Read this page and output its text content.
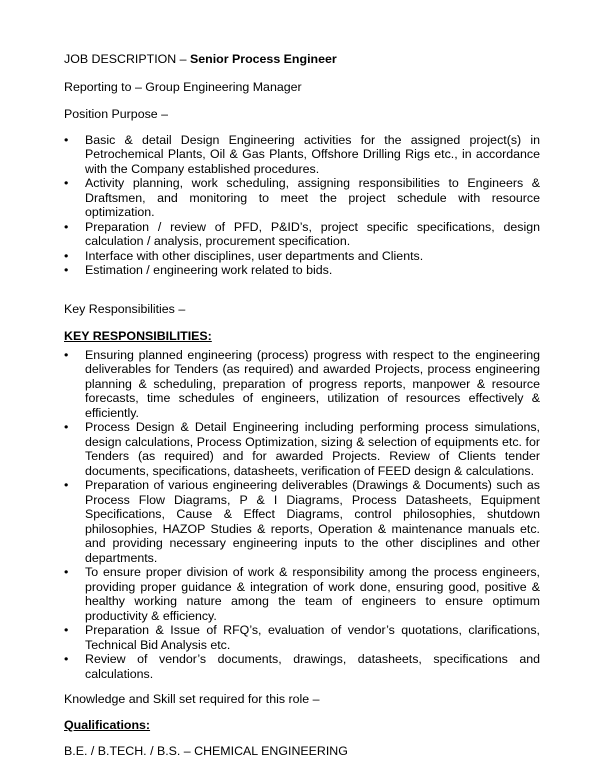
JOB DESCRIPTION – Senior Process Engineer

Reporting to – Group Engineering Manager

Position Purpose –

• Basic & detail Design Engineering activities for the assigned project(s) in Petrochemical Plants, Oil & Gas Plants, Offshore Drilling Rigs etc., in accordance with the Company established procedures.
• Activity planning, work scheduling, assigning responsibilities to Engineers & Draftsmen, and monitoring to meet the project schedule with resource optimization.
• Preparation / review of PFD, P&ID’s, project specific specifications, design calculation / analysis, procurement specification.
• Interface with other disciplines, user departments and Clients.
• Estimation / engineering work related to bids.

Key Responsibilities –

KEY RESPONSIBILITIES:

• Ensuring planned engineering (process) progress with respect to the engineering deliverables for Tenders (as required) and awarded Projects, process engineering planning & scheduling, preparation of progress reports, manpower & resource forecasts, time schedules of engineers, utilization of resources effectively & efficiently.
• Process Design & Detail Engineering including performing process simulations, design calculations, Process Optimization, sizing & selection of equipments etc. for Tenders (as required) and for awarded Projects. Review of Clients tender documents, specifications, datasheets, verification of FEED design & calculations.
• Preparation of various engineering deliverables (Drawings & Documents) such as Process Flow Diagrams, P & I Diagrams, Process Datasheets, Equipment Specifications, Cause & Effect Diagrams, control philosophies, shutdown philosophies, HAZOP Studies & reports, Operation & maintenance manuals etc. and providing necessary engineering inputs to the other disciplines and other departments.
• To ensure proper division of work & responsibility among the process engineers, providing proper guidance & integration of work done, ensuring good, positive & healthy working nature among the team of engineers to ensure optimum productivity & efficiency.
• Preparation & Issue of RFQ’s, evaluation of vendor’s quotations, clarifications, Technical Bid Analysis etc.
• Review of vendor’s documents, drawings, datasheets, specifications and calculations.

Knowledge and Skill set required for this role –

Qualifications:

B.E. / B.TECH. / B.S. – CHEMICAL ENGINEERING
